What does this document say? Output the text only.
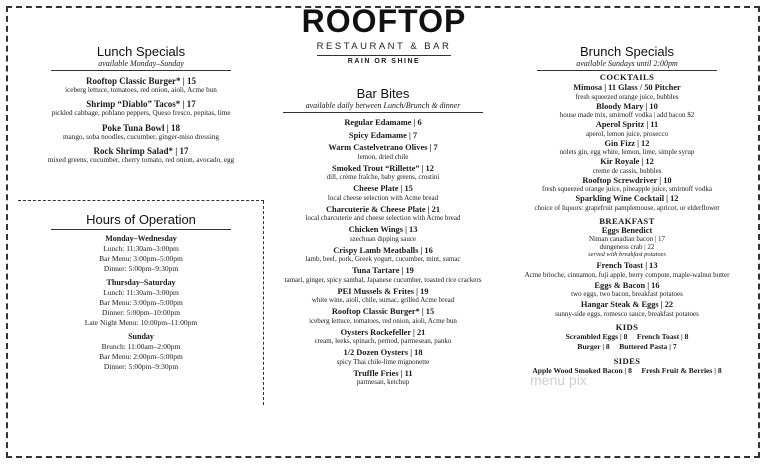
ROOFTOP
RESTAURANT & BAR
RAIN OR SHINE
Lunch Specials
available Monday–Sunday
Rooftop Classic Burger* | 15
iceberg lettuce, tomatoes, red onion, aioli, Acme bun
Shrimp “Diablo” Tacos* | 17
pickled cabbage, poblano peppers, Queso fresco, pepitas, lime
Poke Tuna Bowl | 18
mango, soba noodles, cucumber, ginger-miso dressing
Rock Shrimp Salad* | 17
mixed greens, cucumber, cherry tomato, red onion, avocado, egg
Hours of Operation
Monday–Wednesday
Lunch: 11:30am–3:00pm
Bar Menu: 3:00pm–5:00pm
Dinner: 5:00pm–9:30pm
Thursday–Saturday
Lunch: 11:30am–3:00pm
Bar Menu: 3:00pm–5:00pm
Dinner: 5:00pm–10:00pm
Late Night Menu: 10:00pm–11:00pm
Sunday
Brunch: 11:00am–2:00pm
Bar Menu: 2:00pm–5:00pm
Dinner: 5:00pm–9:30pm
Bar Bites
available daily between Lunch/Brunch & dinner
Regular Edamame | 6
Spicy Edamame | 7
Warm Castelvetrano Olives | 7
lemon, dried chile
Smoked Trout “Rillette” | 12
dill, crème fraîche, baby greens, crostini
Cheese Plate | 15
local cheese selection with Acme bread
Charcuterie & Cheese Plate | 21
local charcuterie and cheese selection with Acme bread
Chicken Wings | 13
szechuan dipping sauce
Crispy Lamb Meatballs | 16
lamb, beef, pork, Greek yogurt, cucumber, mint, sumac
Tuna Tartare | 19
tamari, ginger, spicy sambal, Japanese cucumber, toasted rice crackers
PEI Mussels & Frites | 19
white wine, aioli, chile, sumac, grilled Acme bread
Rooftop Classic Burger* | 15
iceberg lettuce, tomatoes, red onion, aioli, Acme bun
Oysters Rockefeller | 21
cream, leeks, spinach, pernod, parmesean, panko
1/2 Dozen Oysters | 18
spicy Thai chile-lime mignonette
Truffle Fries | 11
parmesan, ketchup
Brunch Specials
available Sundays until 2:00pm
COCKTAILS
Mimosa | 11 Glass / 50 Pitcher
fresh squeezed orange juice, bubbles
Bloody Mary | 10
house made mix, smirnoff vodka | add bacon $2
Aperol Spritz | 11
aperol, lemon juice, prosecco
Gin Fizz | 12
nolets gin, egg white, lemon, lime, simple syrup
Kir Royale | 12
creme de cassis, bubbles
Rooftop Screwdriver | 10
fresh squeezed orange juice, pineapple juice, smirnoff vodka
Sparkling Wine Cocktail | 12
choice of liquors: grapefruit pamplemouse, apricot, or elderflower
BREAKFAST
Eggs Benedict
Niman canadian bacon | 17
dungeness crab | 22
served with breakfast potatoes
French Toast | 13
Acme brioche, cinnamon, fuji apple, berry compote, maple-walnut butter
Eggs & Bacon | 16
two eggs, two bacon, breakfast potatoes
Hangar Steak & Eggs | 22
sunny-side eggs, romesco sauce, breakfast potatoes
KIDS
Scrambled Eggs | 8     French Toast | 8
Burger | 8     Buttered Pasta | 7
SIDES
Apple Wood Smoked Bacon | 8     Fresh Fruit & Berries | 8
menu pix
